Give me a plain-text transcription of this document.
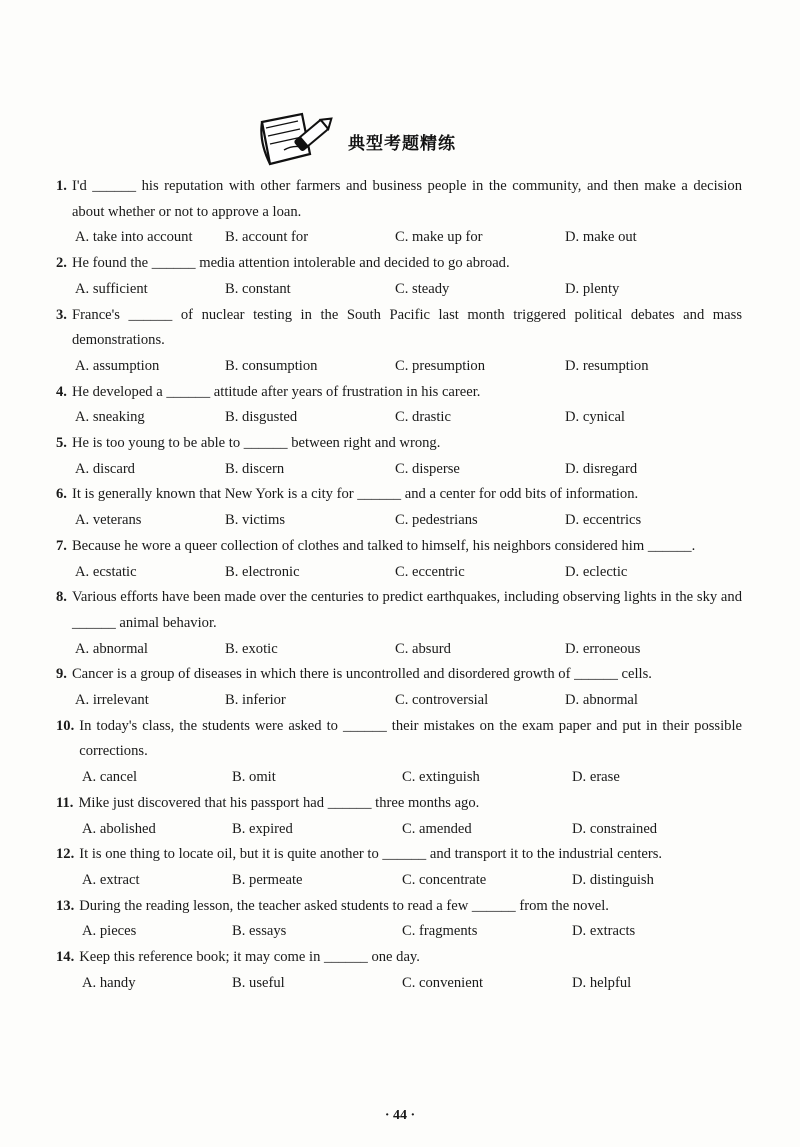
典型考题精练
1. I'd ______ his reputation with other farmers and business people in the community, and then make a decision about whether or not to approve a loan.
A. take into account	B. account for	C. make up for	D. make out
2. He found the ______ media attention intolerable and decided to go abroad.
A. sufficient	B. constant	C. steady	D. plenty
3. France's ______ of nuclear testing in the South Pacific last month triggered political debates and mass demonstrations.
A. assumption	B. consumption	C. presumption	D. resumption
4. He developed a ______ attitude after years of frustration in his career.
A. sneaking	B. disgusted	C. drastic	D. cynical
5. He is too young to be able to ______ between right and wrong.
A. discard	B. discern	C. disperse	D. disregard
6. It is generally known that New York is a city for ______ and a center for odd bits of information.
A. veterans	B. victims	C. pedestrians	D. eccentrics
7. Because he wore a queer collection of clothes and talked to himself, his neighbors considered him ______.
A. ecstatic	B. electronic	C. eccentric	D. eclectic
8. Various efforts have been made over the centuries to predict earthquakes, including observing lights in the sky and ______ animal behavior.
A. abnormal	B. exotic	C. absurd	D. erroneous
9. Cancer is a group of diseases in which there is uncontrolled and disordered growth of ______ cells.
A. irrelevant	B. inferior	C. controversial	D. abnormal
10. In today's class, the students were asked to ______ their mistakes on the exam paper and put in their possible corrections.
A. cancel	B. omit	C. extinguish	D. erase
11. Mike just discovered that his passport had ______ three months ago.
A. abolished	B. expired	C. amended	D. constrained
12. It is one thing to locate oil, but it is quite another to ______ and transport it to the industrial centers.
A. extract	B. permeate	C. concentrate	D. distinguish
13. During the reading lesson, the teacher asked students to read a few ______ from the novel.
A. pieces	B. essays	C. fragments	D. extracts
14. Keep this reference book; it may come in ______ one day.
A. handy	B. useful	C. convenient	D. helpful
· 44 ·
